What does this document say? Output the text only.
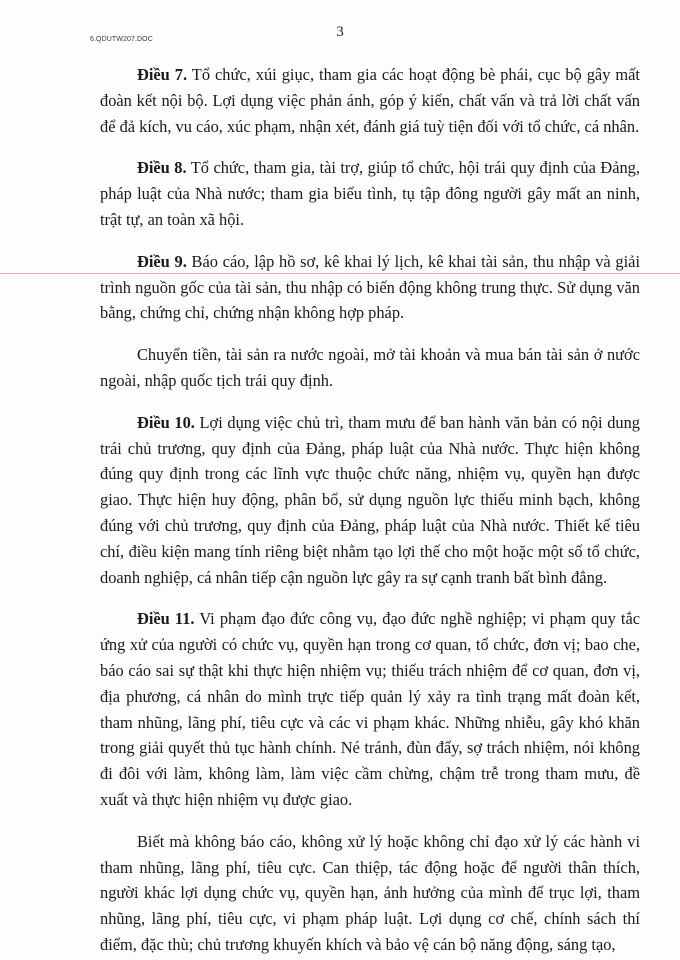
6.QDUTW207.DOC	3

Điều 7. Tổ chức, xúi giục, tham gia các hoạt động bè phái, cục bộ gây mất đoàn kết nội bộ. Lợi dụng việc phản ánh, góp ý kiến, chất vấn và trả lời chất vấn để đả kích, vu cáo, xúc phạm, nhận xét, đánh giá tuỳ tiện đối với tổ chức, cá nhân.

Điều 8. Tổ chức, tham gia, tài trợ, giúp tổ chức, hội trái quy định của Đảng, pháp luật của Nhà nước; tham gia biểu tình, tụ tập đông người gây mất an ninh, trật tự, an toàn xã hội.

Điều 9. Báo cáo, lập hồ sơ, kê khai lý lịch, kê khai tài sản, thu nhập và giải trình nguồn gốc của tài sản, thu nhập có biến động không trung thực. Sử dụng văn bằng, chứng chỉ, chứng nhận không hợp pháp.

Chuyển tiền, tài sản ra nước ngoài, mở tài khoản và mua bán tài sản ở nước ngoài, nhập quốc tịch trái quy định.

Điều 10. Lợi dụng việc chủ trì, tham mưu để ban hành văn bản có nội dung trái chủ trương, quy định của Đảng, pháp luật của Nhà nước. Thực hiện không đúng quy định trong các lĩnh vực thuộc chức năng, nhiệm vụ, quyền hạn được giao. Thực hiện huy động, phân bổ, sử dụng nguồn lực thiếu minh bạch, không đúng với chủ trương, quy định của Đảng, pháp luật của Nhà nước. Thiết kế tiêu chí, điều kiện mang tính riêng biệt nhằm tạo lợi thế cho một hoặc một số tổ chức, doanh nghiệp, cá nhân tiếp cận nguồn lực gây ra sự cạnh tranh bất bình đẳng.

Điều 11. Vi phạm đạo đức công vụ, đạo đức nghề nghiệp; vi phạm quy tắc ứng xử của người có chức vụ, quyền hạn trong cơ quan, tổ chức, đơn vị; bao che, báo cáo sai sự thật khi thực hiện nhiệm vụ; thiếu trách nhiệm để cơ quan, đơn vị, địa phương, cá nhân do mình trực tiếp quản lý xảy ra tình trạng mất đoàn kết, tham nhũng, lãng phí, tiêu cực và các vi phạm khác. Những nhiễu, gây khó khăn trong giải quyết thủ tục hành chính. Né tránh, đùn đẩy, sợ trách nhiệm, nói không đi đôi với làm, không làm, làm việc cầm chừng, chậm trễ trong tham mưu, đề xuất và thực hiện nhiệm vụ được giao.

Biết mà không báo cáo, không xử lý hoặc không chỉ đạo xử lý các hành vi tham nhũng, lãng phí, tiêu cực. Can thiệp, tác động hoặc để người thân thích, người khác lợi dụng chức vụ, quyền hạn, ảnh hưởng của mình để trục lợi, tham nhũng, lãng phí, tiêu cực, vi phạm pháp luật. Lợi dụng cơ chế, chính sách thí điểm, đặc thù; chủ trương khuyến khích và bảo vệ cán bộ năng động, sáng tạo,
